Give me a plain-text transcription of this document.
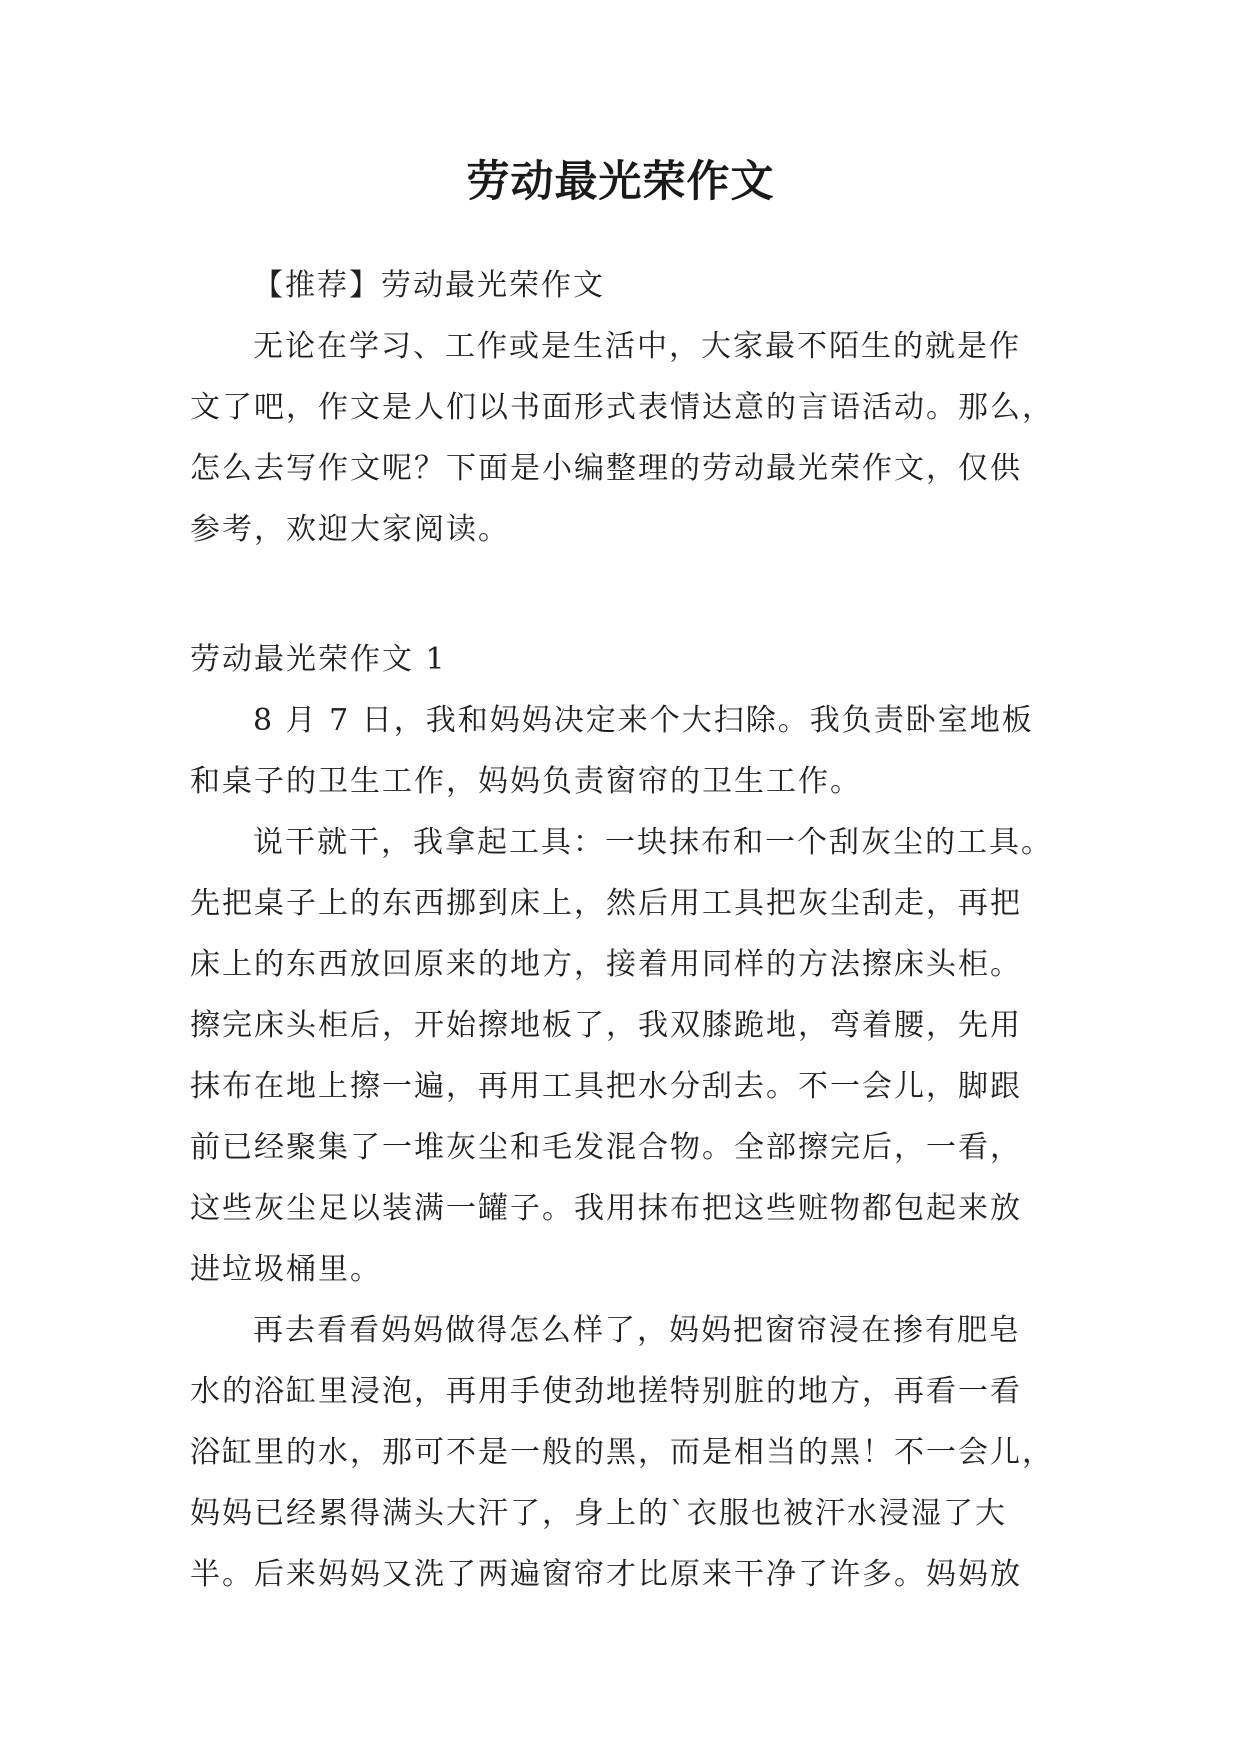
劳动最光荣作文
【推荐】劳动最光荣作文
无论在学习、工作或是生活中，大家最不陌生的就是作
文了吧，作文是人们以书面形式表情达意的言语活动。那么，
怎么去写作文呢？下面是小编整理的劳动最光荣作文，仅供
参考，欢迎大家阅读。
劳动最光荣作文 1
8 月 7 日，我和妈妈决定来个大扫除。我负责卧室地板
和桌子的卫生工作，妈妈负责窗帘的卫生工作。
说干就干，我拿起工具：一块抹布和一个刮灰尘的工具。
先把桌子上的东西挪到床上，然后用工具把灰尘刮走，再把
床上的东西放回原来的地方，接着用同样的方法擦床头柜。
擦完床头柜后，开始擦地板了，我双膝跪地，弯着腰，先用
抹布在地上擦一遍，再用工具把水分刮去。不一会儿，脚跟
前已经聚集了一堆灰尘和毛发混合物。全部擦完后，一看，
这些灰尘足以装满一罐子。我用抹布把这些赃物都包起来放
进垃圾桶里。
再去看看妈妈做得怎么样了，妈妈把窗帘浸在掺有肥皂
水的浴缸里浸泡，再用手使劲地搓特别脏的地方，再看一看
浴缸里的水，那可不是一般的黑，而是相当的黑！不一会儿，
妈妈已经累得满头大汗了，身上的`衣服也被汗水浸湿了大
半。后来妈妈又洗了两遍窗帘才比原来干净了许多。妈妈放
